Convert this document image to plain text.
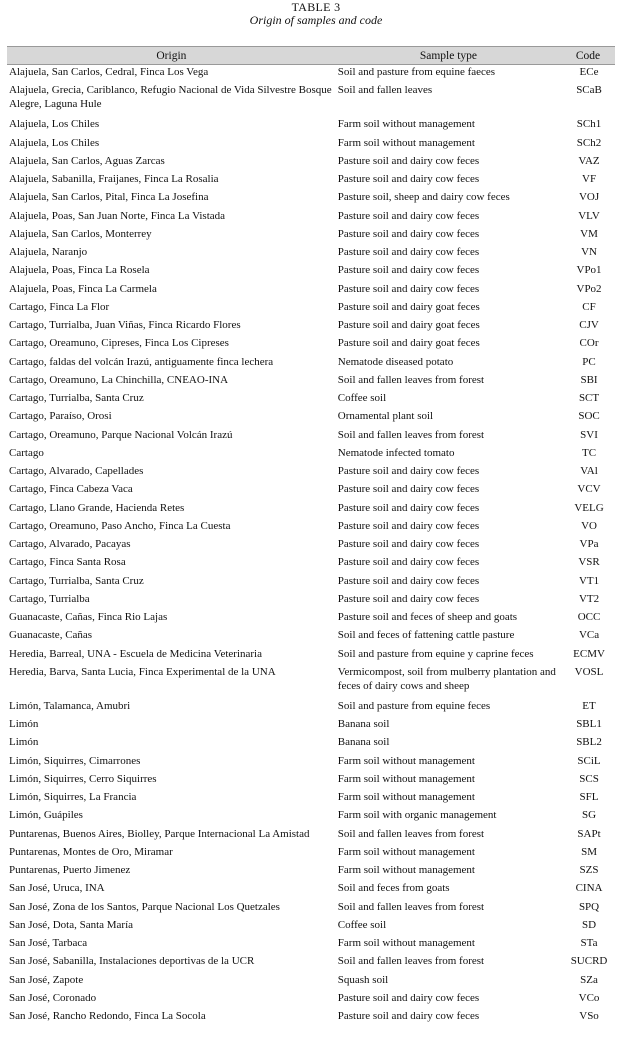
TABLE 3
Origin of samples and code
Origin	Sample type	Code
Alajuela, San Carlos, Cedral, Finca Los Vega	Soil and pasture from equine faeces	ECe
Alajuela, Grecia, Cariblanco, Refugio Nacional de Vida Silvestre Bosque Alegre, Laguna Hule	Soil and fallen leaves	SCaB
Alajuela, Los Chiles	Farm soil without management	SCh1
Alajuela, Los Chiles	Farm soil without management	SCh2
Alajuela, San Carlos, Aguas Zarcas	Pasture soil and dairy cow feces	VAZ
Alajuela, Sabanilla, Fraijanes, Finca La Rosalia	Pasture soil and dairy cow feces	VF
Alajuela, San Carlos, Pital, Finca La Josefina	Pasture soil, sheep and dairy cow feces	VOJ
Alajuela, Poas, San Juan Norte, Finca La Vistada	Pasture soil and dairy cow feces	VLV
Alajuela, San Carlos, Monterrey	Pasture soil and dairy cow feces	VM
Alajuela, Naranjo	Pasture soil and dairy cow feces	VN
Alajuela, Poas, Finca La Rosela	Pasture soil and dairy cow feces	VPo1
Alajuela, Poas, Finca La Carmela	Pasture soil and dairy cow feces	VPo2
Cartago, Finca La Flor	Pasture soil and dairy goat feces	CF
Cartago, Turrialba, Juan Viñas, Finca Ricardo Flores	Pasture soil and dairy goat feces	CJV
Cartago, Oreamuno, Cipreses, Finca Los Cipreses	Pasture soil and dairy goat feces	COr
Cartago, faldas del volcán Irazú, antiguamente finca lechera	Nematode diseased potato	PC
Cartago, Oreamuno, La Chinchilla, CNEAO-INA	Soil and fallen leaves from forest	SBI
Cartago, Turrialba, Santa Cruz	Coffee soil	SCT
Cartago, Paraíso, Orosi	Ornamental plant soil	SOC
Cartago, Oreamuno, Parque Nacional Volcán Irazú	Soil and fallen leaves from forest	SVI
Cartago	Nematode infected tomato	TC
Cartago, Alvarado, Capellades	Pasture soil and dairy cow feces	VAl
Cartago, Finca Cabeza Vaca	Pasture soil and dairy cow feces	VCV
Cartago, Llano Grande, Hacienda Retes	Pasture soil and dairy cow feces	VELG
Cartago, Oreamuno, Paso Ancho, Finca La Cuesta	Pasture soil and dairy cow feces	VO
Cartago, Alvarado, Pacayas	Pasture soil and dairy cow feces	VPa
Cartago, Finca Santa Rosa	Pasture soil and dairy cow feces	VSR
Cartago, Turrialba, Santa Cruz	Pasture soil and dairy cow feces	VT1
Cartago, Turrialba	Pasture soil and dairy cow feces	VT2
Guanacaste, Cañas, Finca Rio Lajas	Pasture soil and feces of sheep and goats	OCC
Guanacaste, Cañas	Soil and feces of fattening cattle pasture	VCa
Heredia, Barreal, UNA - Escuela de Medicina Veterinaria	Soil and pasture from equine y caprine feces	ECMV
Heredia, Barva, Santa Lucia, Finca Experimental de la UNA	Vermicompost, soil from mulberry plantation and feces of dairy cows and sheep	VOSL
Limón, Talamanca, Amubri	Soil and pasture from equine feces	ET
Limón	Banana soil	SBL1
Limón	Banana soil	SBL2
Limón, Siquirres, Cimarrones	Farm soil without management	SCiL
Limón, Siquirres, Cerro Siquirres	Farm soil without management	SCS
Limón, Siquirres, La Francia	Farm soil without management	SFL
Limón, Guápiles	Farm soil with organic management	SG
Puntarenas, Buenos Aires, Biolley, Parque Internacional La Amistad	Soil and fallen leaves from forest	SAPt
Puntarenas, Montes de Oro, Miramar	Farm soil without management	SM
Puntarenas, Puerto Jimenez	Farm soil without management	SZS
San José, Uruca, INA	Soil and feces from goats	CINA
San José, Zona de los Santos, Parque Nacional Los Quetzales	Soil and fallen leaves from forest	SPQ
San José, Dota, Santa María	Coffee soil	SD
San José, Tarbaca	Farm soil without management	STa
San José, Sabanilla, Instalaciones deportivas de la UCR	Soil and fallen leaves from forest	SUCRD
San José, Zapote	Squash soil	SZa
San José, Coronado	Pasture soil and dairy cow feces	VCo
San José, Rancho Redondo, Finca La Socola	Pasture soil and dairy cow feces	VSo
